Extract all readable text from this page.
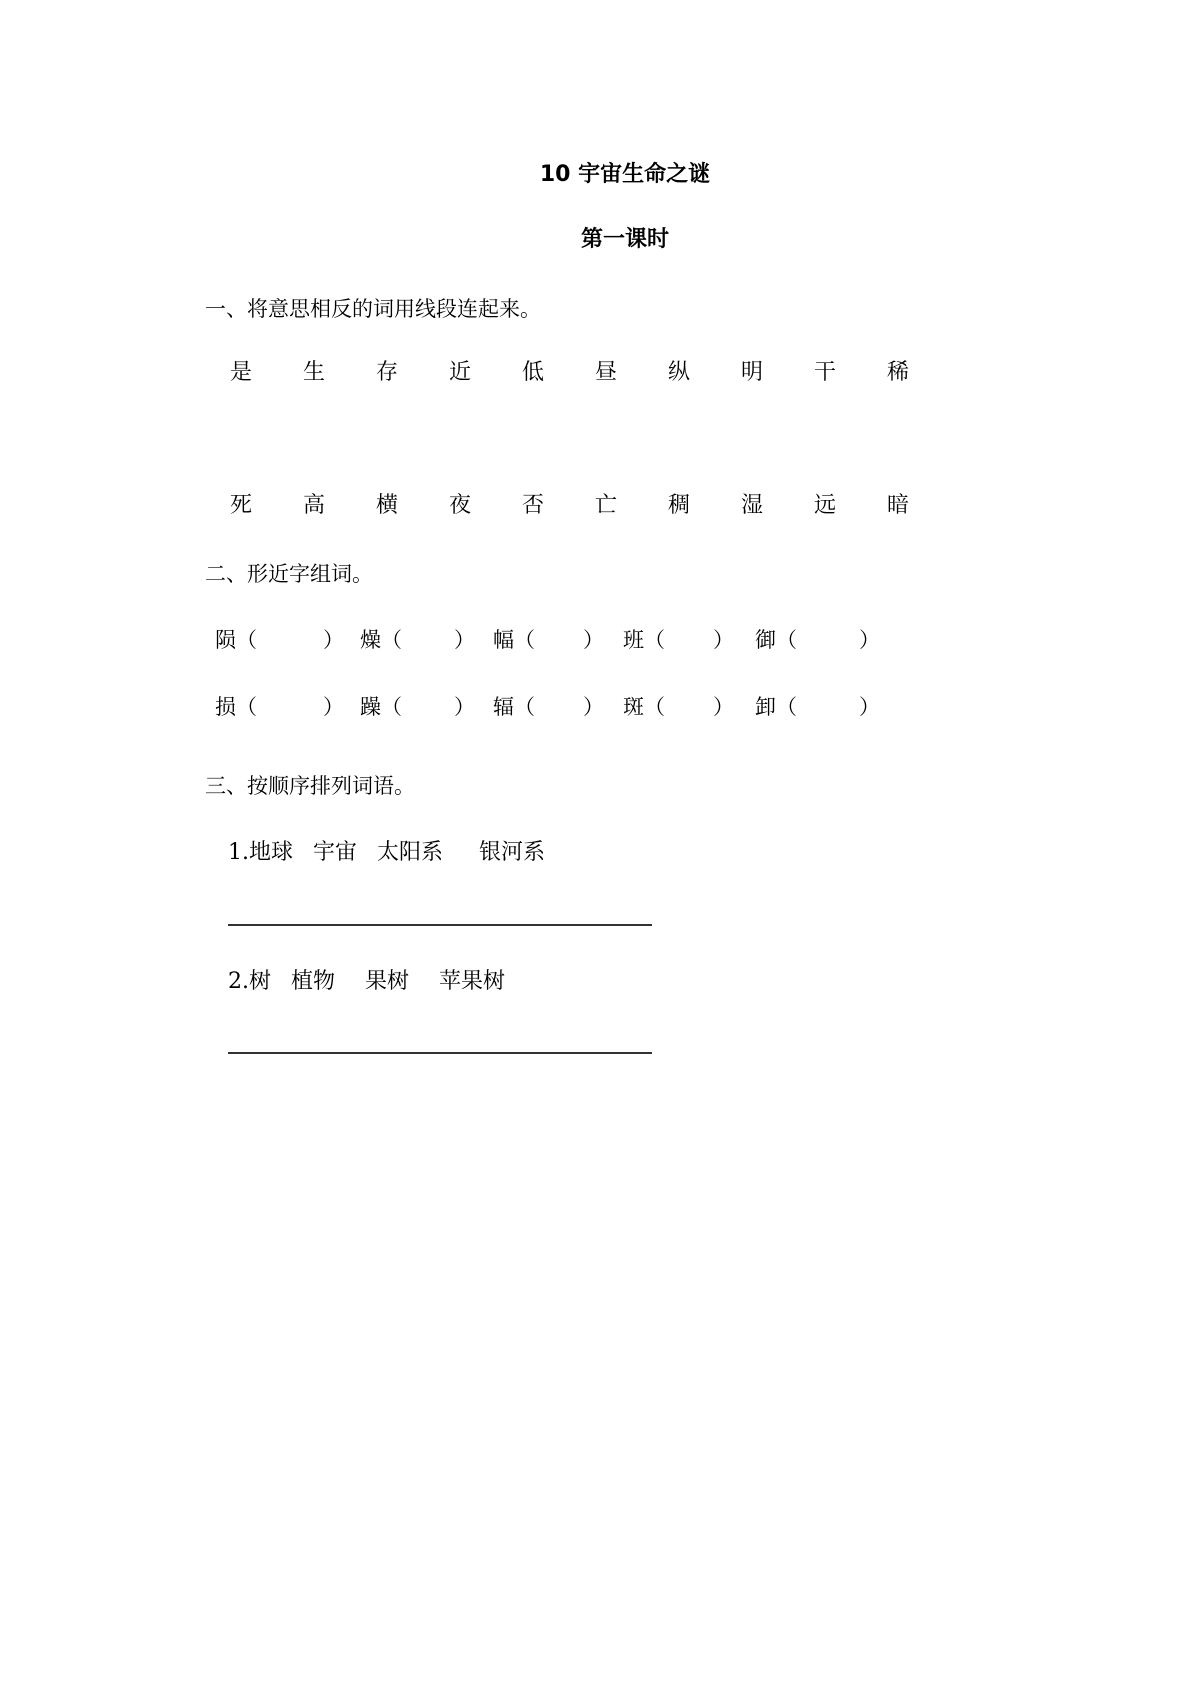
10 宇宙生命之谜
第一课时
一、将意思相反的词用线段连起来。
是 生 存 近 低 昼 纵 明 干 稀
死 高 横 夜 否 亡 稠 湿 远 暗
二、形近字组词。
陨（	） 燥（ ） 幅（ ） 班（ ） 御（	）
损（	） 躁（ ） 辐（ ） 斑（ ） 卸（	）
三、按顺序排列词语。
1.地球 宇宙 太阳系 银河系
2.树 植物 果树 苹果树
